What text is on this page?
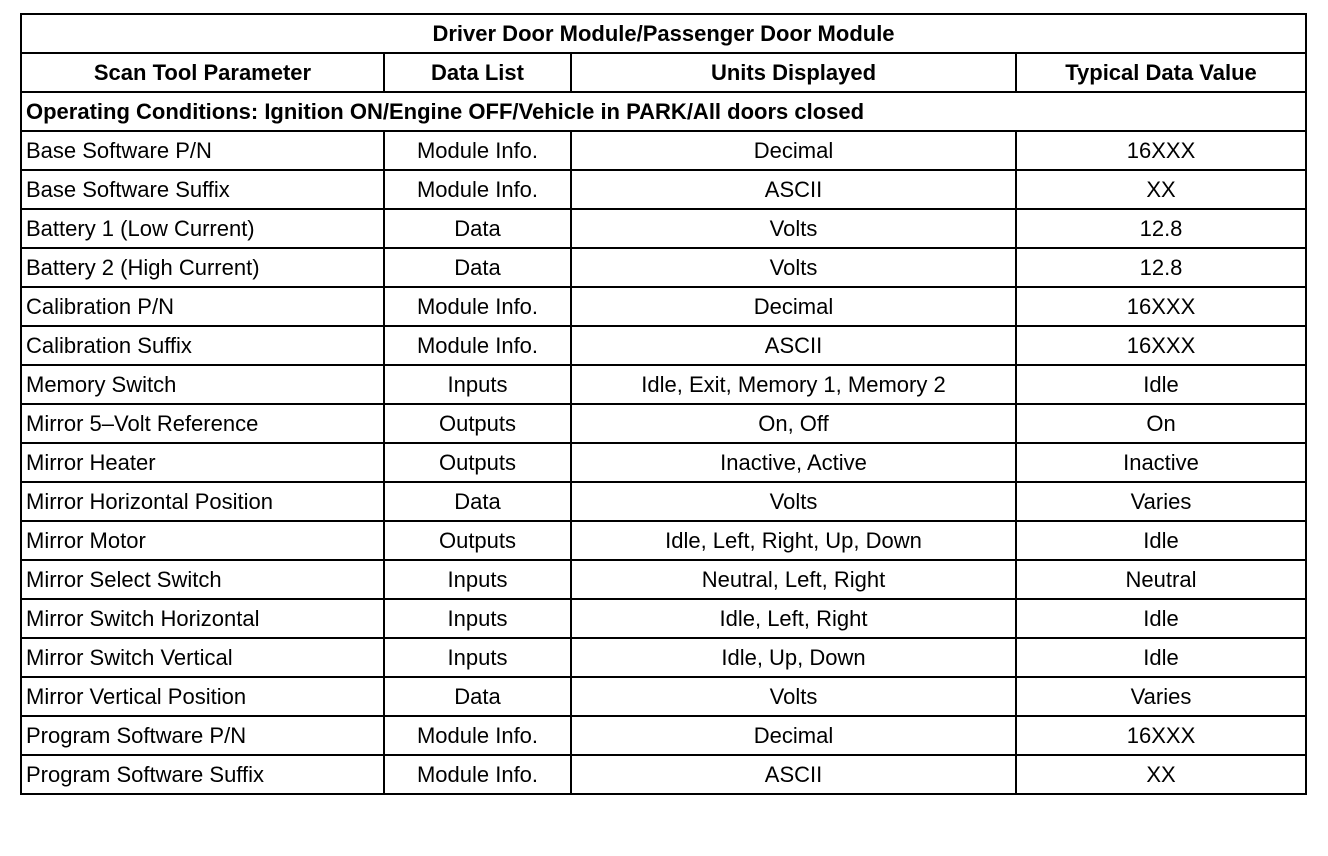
Driver Door Module/Passenger Door Module			
Scan Tool Parameter	Data List	Units Displayed	Typical Data Value
Operating Conditions: Ignition ON/Engine OFF/Vehicle in PARK/All doors closed			
Base Software P/N	Module Info.	Decimal	16XXX
Base Software Suffix	Module Info.	ASCII	XX
Battery 1 (Low Current)	Data	Volts	12.8
Battery 2 (High Current)	Data	Volts	12.8
Calibration P/N	Module Info.	Decimal	16XXX
Calibration Suffix	Module Info.	ASCII	16XXX
Memory Switch	Inputs	Idle, Exit, Memory 1, Memory 2	Idle
Mirror 5–Volt Reference	Outputs	On, Off	On
Mirror Heater	Outputs	Inactive, Active	Inactive
Mirror Horizontal Position	Data	Volts	Varies
Mirror Motor	Outputs	Idle, Left, Right, Up, Down	Idle
Mirror Select Switch	Inputs	Neutral, Left, Right	Neutral
Mirror Switch Horizontal	Inputs	Idle, Left, Right	Idle
Mirror Switch Vertical	Inputs	Idle, Up, Down	Idle
Mirror Vertical Position	Data	Volts	Varies
Program Software P/N	Module Info.	Decimal	16XXX
Program Software Suffix	Module Info.	ASCII	XX
